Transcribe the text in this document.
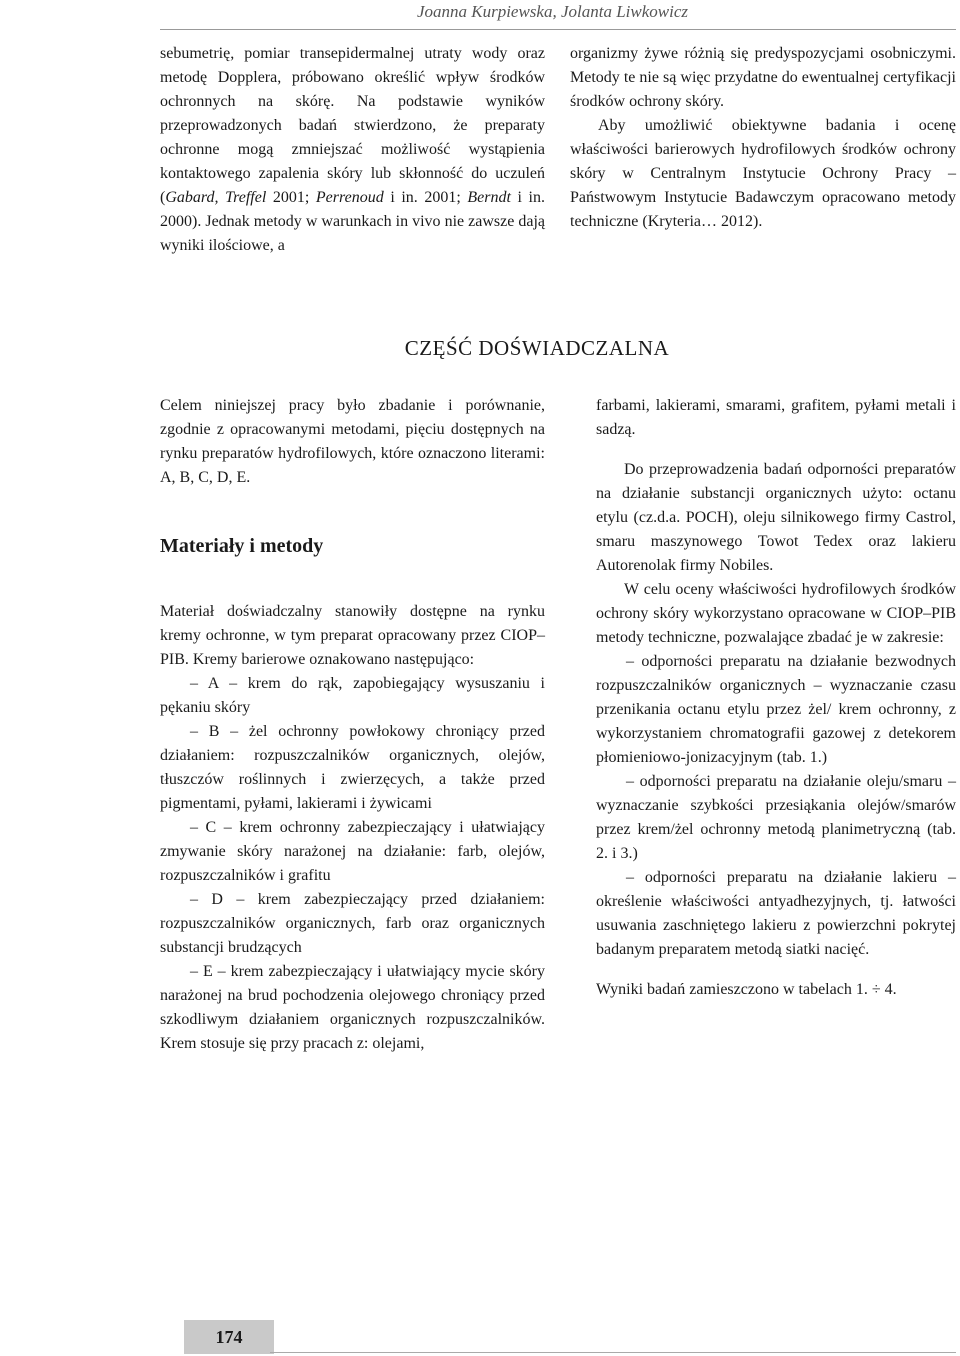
Joanna Kurpiewska, Jolanta Liwkowicz

sebumetrię, pomiar transepidermalnej utraty wody oraz metodę Dopplera, próbowano określić wpływ środków ochronnych na skórę. Na podstawie wyników przeprowadzonych badań stwierdzono, że preparaty ochronne mogą zmniejszać możliwość wystąpienia kontaktowego zapalenia skóry lub skłonność do uczuleń (Gabard, Treffel 2001; Perrenoud i in. 2001; Berndt i in. 2000). Jednak metody w warunkach in vivo nie zawsze dają wyniki ilościowe, a

organizmy żywe różnią się predyspozycjami osobniczymi. Metody te nie są więc przydatne do ewentualnej certyfikacji środków ochrony skóry.

Aby umożliwić obiektywne badania i ocenę właściwości barierowych hydrofilowych środków ochrony skóry w Centralnym Instytucie Ochrony Pracy – Państwowym Instytucie Badawczym opracowano metody techniczne (Kryteria… 2012).

CZĘŚĆ DOŚWIADCZALNA

Celem niniejszej pracy było zbadanie i porównanie, zgodnie z opracowanymi metodami, pięciu dostępnych na rynku preparatów hydrofilowych, które oznaczono literami: A, B, C, D, E.

Materiały i metody

Materiał doświadczalny stanowiły dostępne na rynku kremy ochronne, w tym preparat opracowany przez CIOP–PIB. Kremy barierowe oznakowano następująco:

– A – krem do rąk, zapobiegający wysuszaniu i pękaniu skóry

– B – żel ochronny powłokowy chroniący przed działaniem: rozpuszczalników organicznych, olejów, tłuszczów roślinnych i zwierzęcych, a także przed pigmentami, pyłami, lakierami i żywicami

– C – krem ochronny zabezpieczający i ułatwiający zmywanie skóry narażonej na działanie: farb, olejów, rozpuszczalników i grafitu

– D – krem zabezpieczający przed działaniem: rozpuszczalników organicznych, farb oraz organicznych substancji brudzących

– E – krem zabezpieczający i ułatwiający mycie skóry narażonej na brud pochodzenia olejowego chroniący przed szkodliwym działaniem organicznych rozpuszczalników. Krem stosuje się przy pracach z: olejami,

farbami, lakierami, smarami, grafitem, pyłami metali i sadzą.

Do przeprowadzenia badań odporności preparatów na działanie substancji organicznych użyto: octanu etylu (cz.d.a. POCH), oleju silnikowego firmy Castrol, smaru maszynowego Towot Tedex oraz lakieru Autorenolak firmy Nobiles.

W celu oceny właściwości hydrofilowych środków ochrony skóry wykorzystano opracowane w CIOP–PIB metody techniczne, pozwalające zbadać je w zakresie:

– odporności preparatu na działanie bezwodnych rozpuszczalników organicznych – wyznaczanie czasu przenikania octanu etylu przez żel/ krem ochronny, z wykorzystaniem chromatografii gazowej z detekorem płomieniowo-jonizacyjnym (tab. 1.)

– odporności preparatu na działanie oleju/smaru – wyznaczanie szybkości przesiąkania olejów/smarów przez krem/żel ochronny metodą planimetryczną (tab. 2. i 3.)

– odporności preparatu na działanie lakieru – określenie właściwości antyadhezyjnych, tj. łatwości usuwania zaschniętego lakieru z powierzchni pokrytej badanym preparatem metodą siatki nacięć.

Wyniki badań zamieszczono w tabelach 1. ÷ 4.

174
